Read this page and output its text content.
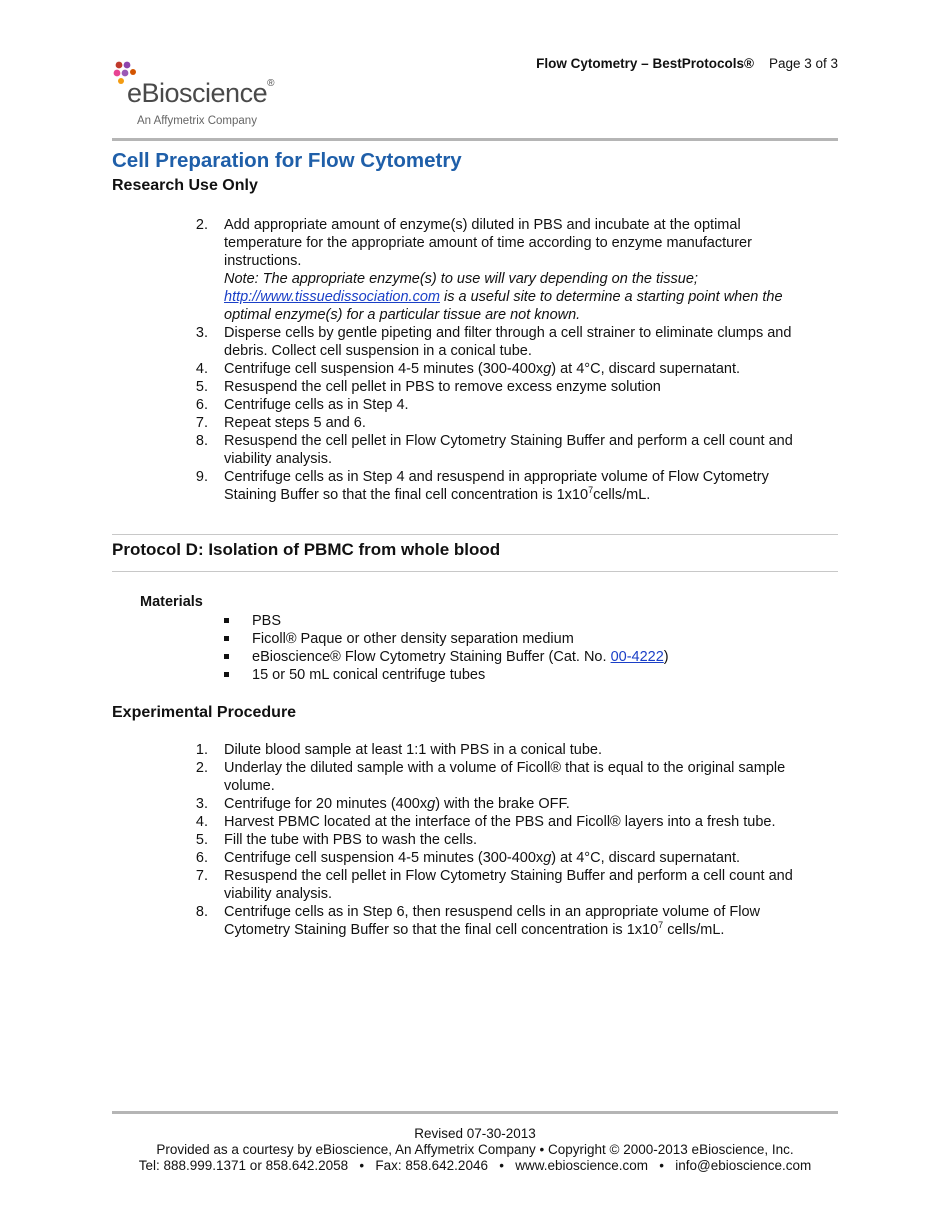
Flow Cytometry – BestProtocols® Page 3 of 3
eBioscience®
An Affymetrix Company
Cell Preparation for Flow Cytometry
Research Use Only
2. Add appropriate amount of enzyme(s) diluted in PBS and incubate at the optimal
temperature for the appropriate amount of time according to enzyme manufacturer
instructions.
Note: The appropriate enzyme(s) to use will vary depending on the tissue;
http://www.tissuedissociation.com is a useful site to determine a starting point when the
optimal enzyme(s) for a particular tissue are not known.
3. Disperse cells by gentle pipeting and filter through a cell strainer to eliminate clumps and
debris. Collect cell suspension in a conical tube.
4. Centrifuge cell suspension 4-5 minutes (300-400xg) at 4°C, discard supernatant.
5. Resuspend the cell pellet in PBS to remove excess enzyme solution
6. Centrifuge cells as in Step 4.
7. Repeat steps 5 and 6.
8. Resuspend the cell pellet in Flow Cytometry Staining Buffer and perform a cell count and
viability analysis.
9. Centrifuge cells as in Step 4 and resuspend in appropriate volume of Flow Cytometry
Staining Buffer so that the final cell concentration is $1x10^7cells/mL$.
Protocol D: Isolation of PBMC from whole blood
Materials
PBS
Ficoll® Paque or other density separation medium
eBioscience® Flow Cytometry Staining Buffer (Cat. No. 00-4222)
15 or 50 mL conical centrifuge tubes
Experimental Procedure
1. Dilute blood sample at least 1:1 with PBS in a conical tube.
2. Underlay the diluted sample with a volume of Ficoll® that is equal to the original sample
volume.
3. Centrifuge for 20 minutes (400xg) with the brake OFF.
4. Harvest PBMC located at the interface of the PBS and Ficoll® layers into a fresh tube.
5. Fill the tube with PBS to wash the cells.
6. Centrifuge cell suspension 4-5 minutes (300-400xg) at 4°C, discard supernatant.
7. Resuspend the cell pellet in Flow Cytometry Staining Buffer and perform a cell count and
viability analysis.
8. Centrifuge cells as in Step 6, then resuspend cells in an appropriate volume of Flow
Cytometry Staining Buffer so that the final cell concentration is $1x10^7$ cells/mL.
Revised 07-30-2013
Provided as a courtesy by eBioscience, An Affymetrix Company • Copyright © 2000-2013 eBioscience, Inc.
Tel: 888.999.1371 or 858.642.2058   •   Fax: 858.642.2046   •   www.ebioscience.com   •   info@ebioscience.com
